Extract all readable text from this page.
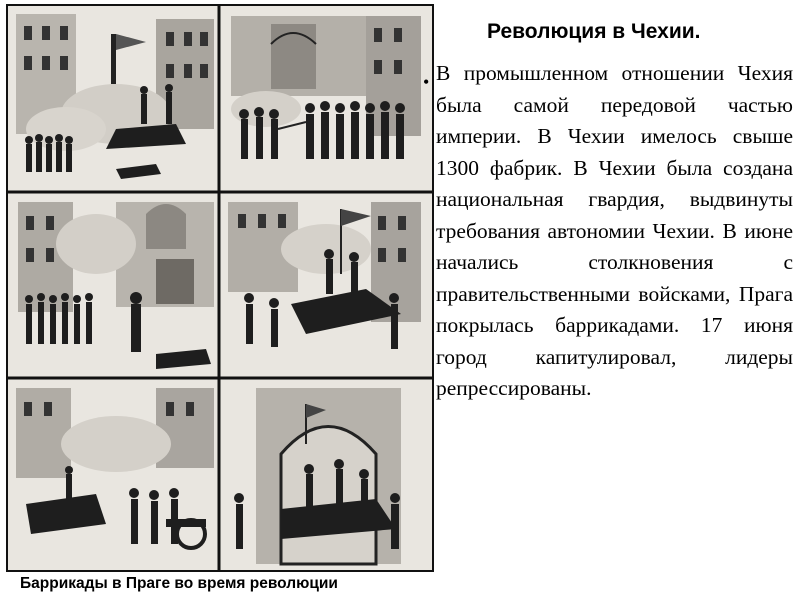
Революция в Чехии.
• В промышленном отношении Чехия была самой передовой частью империи. В Чехии имелось свыше 1300 фабрик. В Чехии была создана национальная гвардия, выдвинуты требования автономии Чехии. В июне начались столкновения с правительственными войсками, Прага покрылась баррикадами. 17 июня город капитулировал, лидеры репрессированы.

Баррикады в Праге во время революции
